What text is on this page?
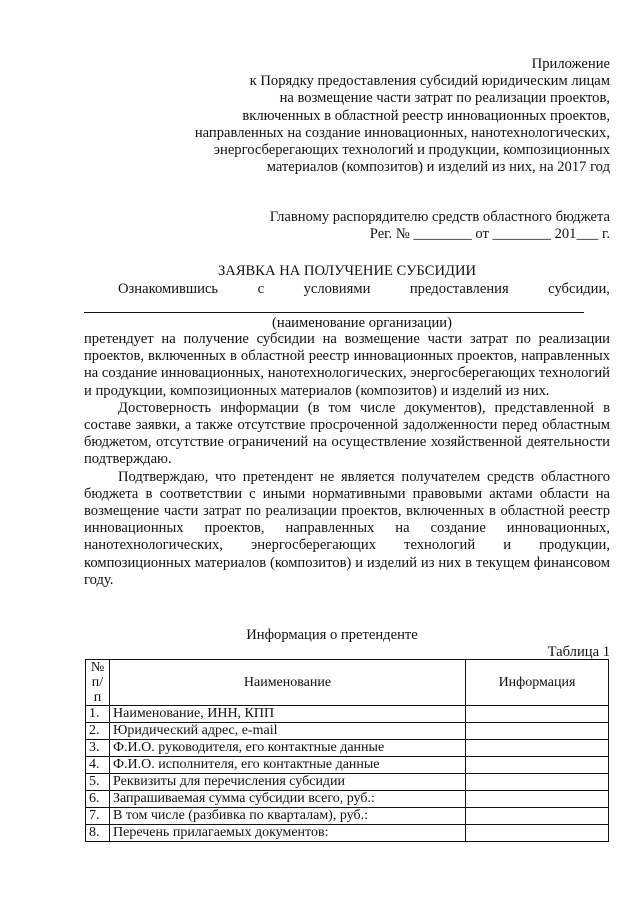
Приложение
к Порядку предоставления субсидий юридическим лицам
на возмещение части затрат по реализации проектов,
включенных в областной реестр инновационных проектов,
направленных на создание инновационных, нанотехнологических,
энергосберегающих технологий и продукции, композиционных
материалов (композитов) и изделий из них, на 2017 год
Главному распорядителю средств областного бюджета
Рег. № ________ от ________ 201___ г.
ЗАЯВКА НА ПОЛУЧЕНИЕ СУБСИДИИ
Ознакомившись	с	условиями	предоставления	субсидии,
(наименование организации)

претендует на получение субсидии на возмещение части затрат по реализации проектов, включенных в областной реестр инновационных проектов, направленных на создание инновационных, нанотехнологических, энергосберегающих технологий и продукции, композиционных материалов (композитов) и изделий из них.

Достоверность информации (в том числе документов), представленной в составе заявки, а также отсутствие просроченной задолженности перед областным бюджетом, отсутствие ограничений на осуществление хозяйственной деятельности подтверждаю.

Подтверждаю, что претендент не является получателем средств областного бюджета в соответствии с иными нормативными правовыми актами области на возмещение части затрат по реализации проектов, включенных в областной реестр инновационных проектов, направленных на создание инновационных, нанотехнологических, энергосберегающих технологий и продукции, композиционных материалов (композитов) и изделий из них в текущем финансовом году.

Информация о претенденте
Таблица 1
№
п/п	Наименование	Информация
1.	Наименование, ИНН, КПП	
2.	Юридический адрес, e-mail	
3.	Ф.И.О. руководителя, его контактные данные	
4.	Ф.И.О. исполнителя, его контактные данные	
5.	Реквизиты для перечисления субсидии	
6.	Запрашиваемая сумма субсидии всего, руб.:	
7.	В том числе (разбивка по кварталам), руб.:	
8.	Перечень прилагаемых документов:	
